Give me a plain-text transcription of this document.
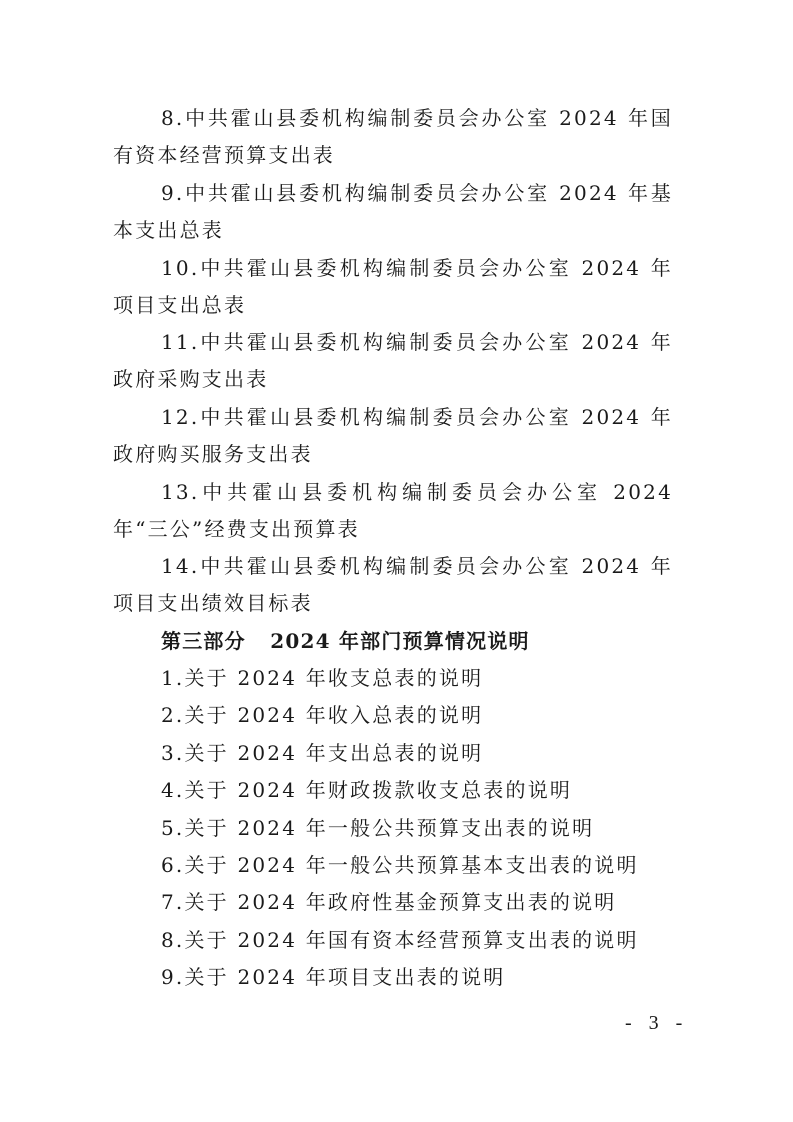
8.中共霍山县委机构编制委员会办公室 2024 年国有资本经营预算支出表
9.中共霍山县委机构编制委员会办公室 2024 年基本支出总表
10.中共霍山县委机构编制委员会办公室 2024 年项目支出总表
11.中共霍山县委机构编制委员会办公室 2024 年政府采购支出表
12.中共霍山县委机构编制委员会办公室 2024 年政府购买服务支出表
13.中共霍山县委机构编制委员会办公室 2024 年“三公”经费支出预算表
14.中共霍山县委机构编制委员会办公室 2024 年项目支出绩效目标表
第三部分   2024 年部门预算情况说明
1.关于 2024 年收支总表的说明
2.关于 2024 年收入总表的说明
3.关于 2024 年支出总表的说明
4.关于 2024 年财政拨款收支总表的说明
5.关于 2024 年一般公共预算支出表的说明
6.关于 2024 年一般公共预算基本支出表的说明
7.关于 2024 年政府性基金预算支出表的说明
8.关于 2024 年国有资本经营预算支出表的说明
9.关于 2024 年项目支出表的说明
- 3 -
